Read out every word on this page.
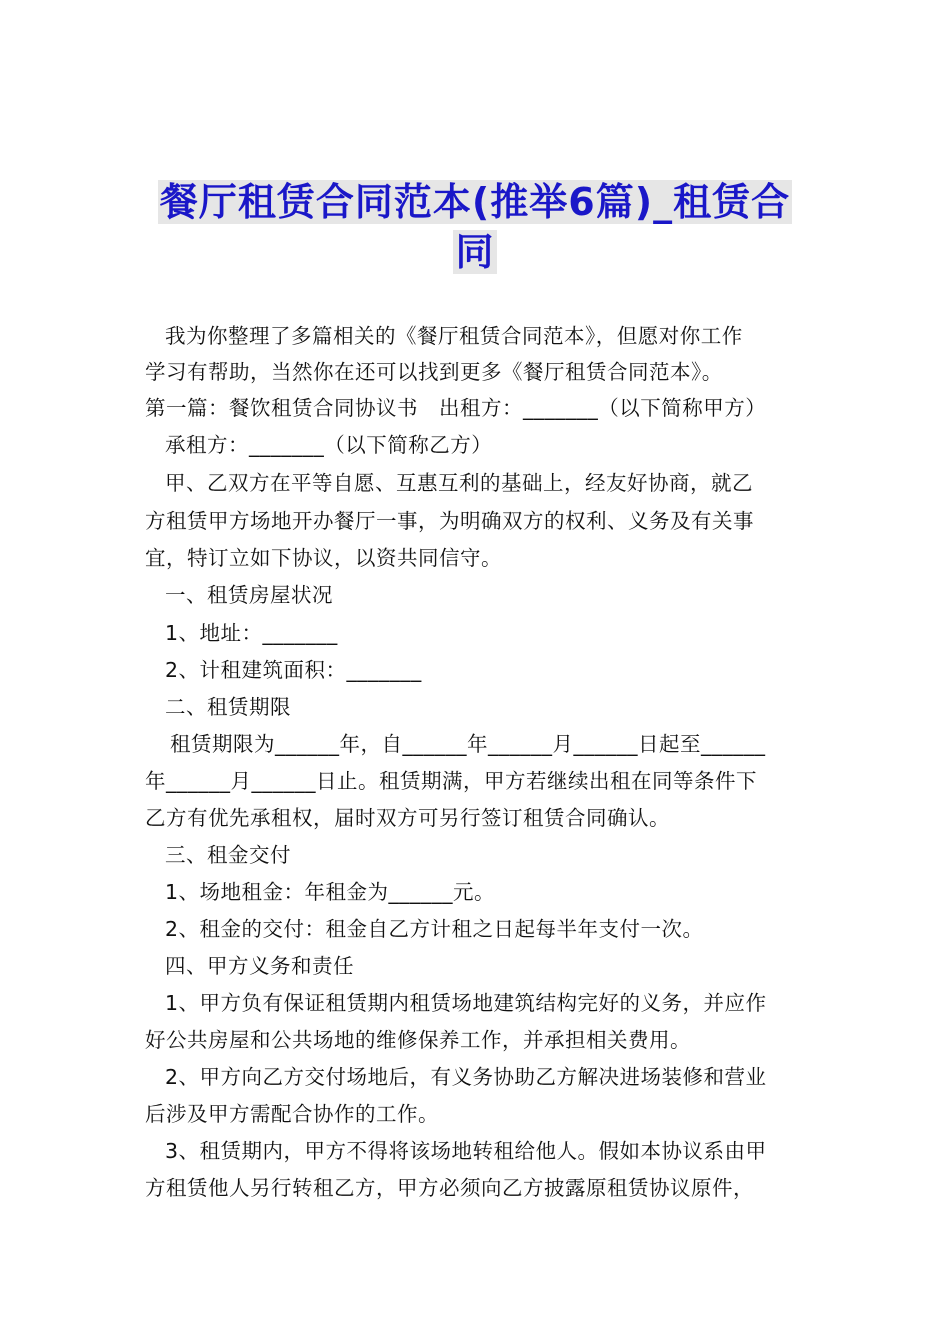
餐厅租赁合同范本(推举6篇)_租赁合
同
我为你整理了多篇相关的《餐厅租赁合同范本》，但愿对你工作
学习有帮助，当然你在还可以找到更多《餐厅租赁合同范本》。
第一篇：餐饮租赁合同协议书　出租方：_______（以下简称甲方）
承租方：_______（以下简称乙方）
甲、乙双方在平等自愿、互惠互利的基础上，经友好协商，就乙
方租赁甲方场地开办餐厅一事，为明确双方的权利、义务及有关事
宜，特订立如下协议，以资共同信守。
一、租赁房屋状况
1、地址：_______
2、计租建筑面积：_______
二、租赁期限
租赁期限为______年，自______年______月______日起至______
年______月______日止。租赁期满，甲方若继续出租在同等条件下
乙方有优先承租权，届时双方可另行签订租赁合同确认。
三、租金交付
1、场地租金：年租金为______元。
2、租金的交付：租金自乙方计租之日起每半年支付一次。
四、甲方义务和责任
1、甲方负有保证租赁期内租赁场地建筑结构完好的义务，并应作
好公共房屋和公共场地的维修保养工作，并承担相关费用。
2、甲方向乙方交付场地后，有义务协助乙方解决进场装修和营业
后涉及甲方需配合协作的工作。
3、租赁期内，甲方不得将该场地转租给他人。假如本协议系由甲
方租赁他人另行转租乙方，甲方必须向乙方披露原租赁协议原件，
